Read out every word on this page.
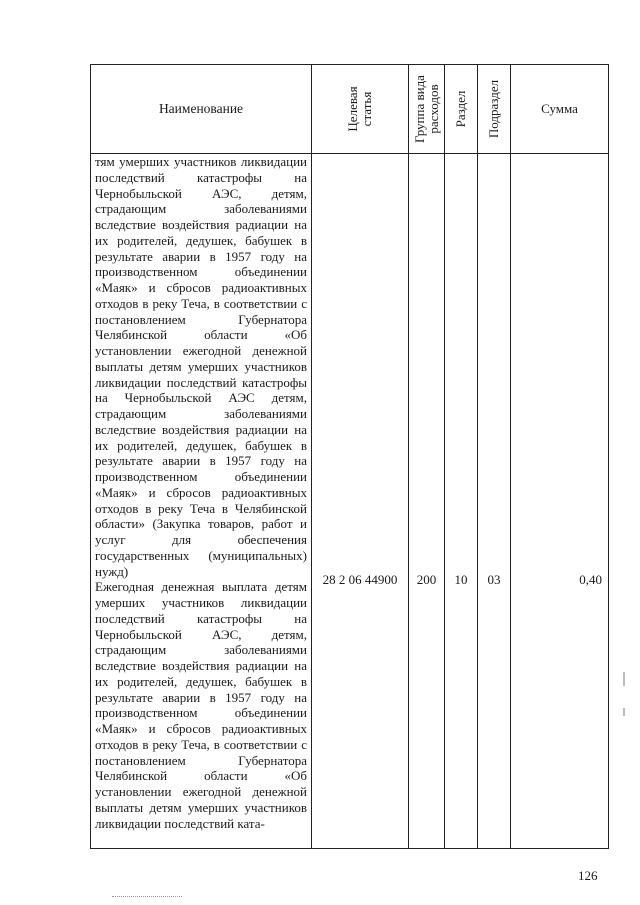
Наименование	Целевая статья	Группа вида расходов	Раздел	Подраздел	Сумма

тям умерших участников ликвидации последствий катастрофы на Чернобыльской АЭС, детям, страдающим заболеваниями вследствие воздействия радиации на их родителей, дедушек, бабушек в результате аварии в 1957 году на производственном объединении «Маяк» и сбросов радиоактивных отходов в реку Теча, в соответствии с постановлением Губернатора Челябинской области «Об установлении ежегодной денежной выплаты детям умерших участников ликвидации последствий катастрофы на Чернобыльской АЭС детям, страдающим заболеваниями вследствие воздействия радиации на их родителей, дедушек, бабушек в результате аварии в 1957 году на производственном объединении «Маяк» и сбросов радиоактивных отходов в реку Теча в Челябинской области» (Закупка товаров, работ и услуг для обеспечения государственных (муниципальных) нужд)

Ежегодная денежная выплата детям умерших участников ликвидации последствий катастрофы на Чернобыльской АЭС, детям, страдающим заболеваниями вследствие воздействия радиации на их родителей, дедушек, бабушек в результате аварии в 1957 году на производственном объединении «Маяк» и сбросов радиоактивных отходов в реку Теча, в соответствии с постановлением Губернатора Челябинской области «Об установлении ежегодной денежной выплаты детям умерших участников ликвидации последствий ката-	28 2 06 44900	200	10	03	0,40
126
